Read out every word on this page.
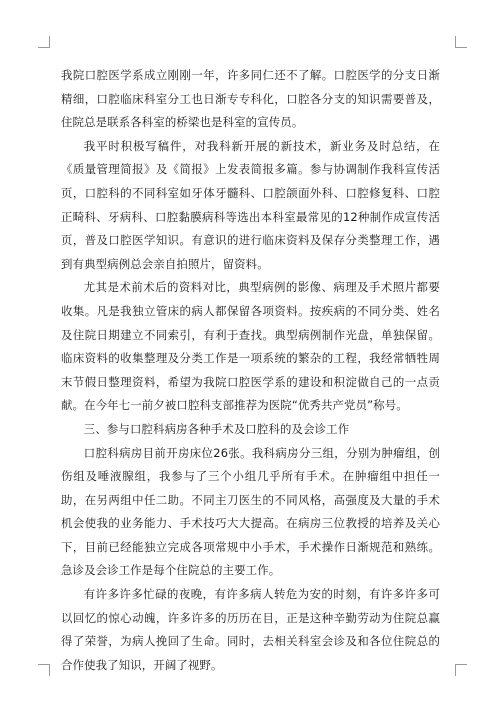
我院口腔医学系成立刚刚一年，许多同仁还不了解。口腔医学的分支日渐精细，口腔临床科室分工也日渐专专科化，口腔各分支的知识需要普及，住院总是联系各科室的桥梁也是科室的宣传员。

我平时积极写稿件，对我科新开展的新技术，新业务及时总结，在《质量管理简报》及《简报》上发表简报多篇。参与协调制作我科宣传活页，口腔科的不同科室如牙体牙髓科、口腔颌面外科、口腔修复科、口腔正畸科、牙病科、口腔黏膜病科等选出本科室最常见的12种制作成宣传活页，普及口腔医学知识。有意识的进行临床资料及保存分类整理工作，遇到有典型病例总会亲自拍照片，留资料。

尤其是术前术后的资料对比，典型病例的影像、病理及手术照片都要收集。凡是我独立管床的病人都保留各项资料。按疾病的不同分类、姓名及住院日期建立不同索引，有利于查找。典型病例制作光盘，单独保留。临床资料的收集整理及分类工作是一项系统的繁杂的工程，我经常牺牲周末节假日整理资料，希望为我院口腔医学系的建设和积淀做自己的一点贡献。在今年七一前夕被口腔科支部推荐为医院“优秀共产党员”称号。

三、参与口腔科病房各种手术及口腔科的及会诊工作

口腔科病房目前开房床位26张。我科病房分三组，分别为肿瘤组，创伤组及唾液腺组，我参与了三个小组几乎所有手术。在肿瘤组中担任一助，在另两组中任二助。不同主刀医生的不同风格，高强度及大量的手术机会使我的业务能力、手术技巧大大提高。在病房三位教授的培养及关心下，目前已经能独立完成各项常规中小手术，手术操作日渐规范和熟练。急诊及会诊工作是每个住院总的主要工作。

有许多许多忙碌的夜晚，有许多病人转危为安的时刻，有许多许多可以回忆的惊心动魄，许多许多的历历在目，正是这种辛勤劳动为住院总赢得了荣誉，为病人挽回了生命。同时，去相关科室会诊及和各位住院总的合作使我了知识，开阔了视野。
